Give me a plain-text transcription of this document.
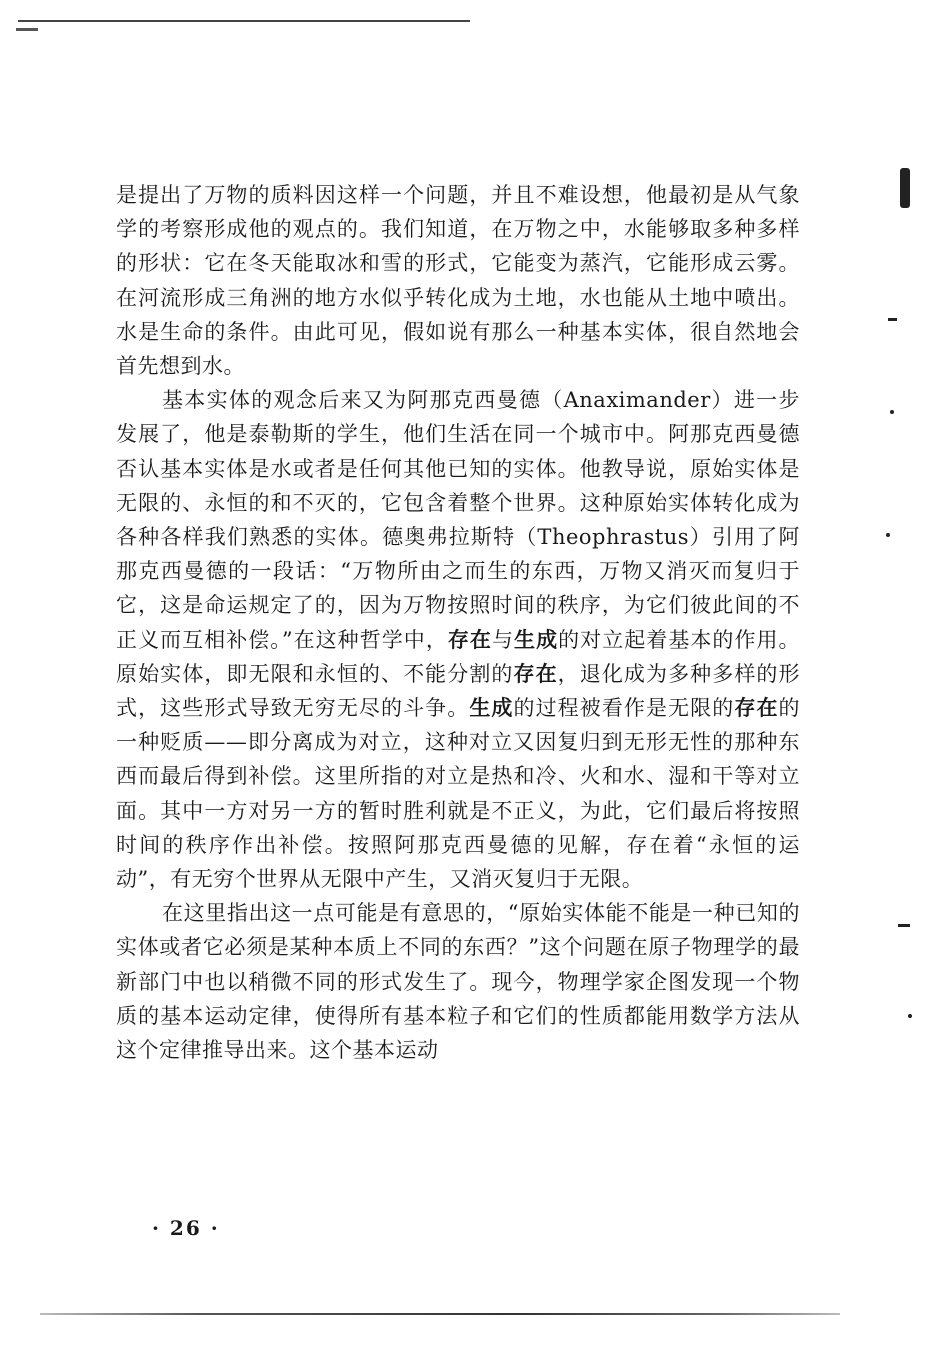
是提出了万物的质料因这样一个问题，并且不难设想，他最初是从气象学的考察形成他的观点的。我们知道，在万物之中，水能够取多种多样的形状：它在冬天能取冰和雪的形式，它能变为蒸汽，它能形成云雾。在河流形成三角洲的地方水似乎转化成为土地，水也能从土地中喷出。水是生命的条件。由此可见，假如说有那么一种基本实体，很自然地会首先想到水。

基本实体的观念后来又为阿那克西曼德（Anaximander）进一步发展了，他是泰勒斯的学生，他们生活在同一个城市中。阿那克西曼德否认基本实体是水或者是任何其他已知的实体。他教导说，原始实体是无限的、永恒的和不灭的，它包含着整个世界。这种原始实体转化成为各种各样我们熟悉的实体。德奥弗拉斯特（Theophrastus）引用了阿那克西曼德的一段话：“万物所由之而生的东西，万物又消灭而复归于它，这是命运规定了的，因为万物按照时间的秩序，为它们彼此间的不正义而互相补偿。”在这种哲学中，存在与生成的对立起着基本的作用。原始实体，即无限和永恒的、不能分割的存在，退化成为多种多样的形式，这些形式导致无穷无尽的斗争。生成的过程被看作是无限的存在的一种贬质——即分离成为对立，这种对立又因复归到无形无性的那种东西而最后得到补偿。这里所指的对立是热和冷、火和水、湿和干等对立面。其中一方对另一方的暂时胜利就是不正义，为此，它们最后将按照时间的秩序作出补偿。按照阿那克西曼德的见解，存在着“永恒的运动”，有无穷个世界从无限中产生，又消灭复归于无限。

在这里指出这一点可能是有意思的，“原始实体能不能是一种已知的实体或者它必须是某种本质上不同的东西？”这个问题在原子物理学的最新部门中也以稍微不同的形式发生了。现今，物理学家企图发现一个物质的基本运动定律，使得所有基本粒子和它们的性质都能用数学方法从这个定律推导出来。这个基本运动

· 26 ·
